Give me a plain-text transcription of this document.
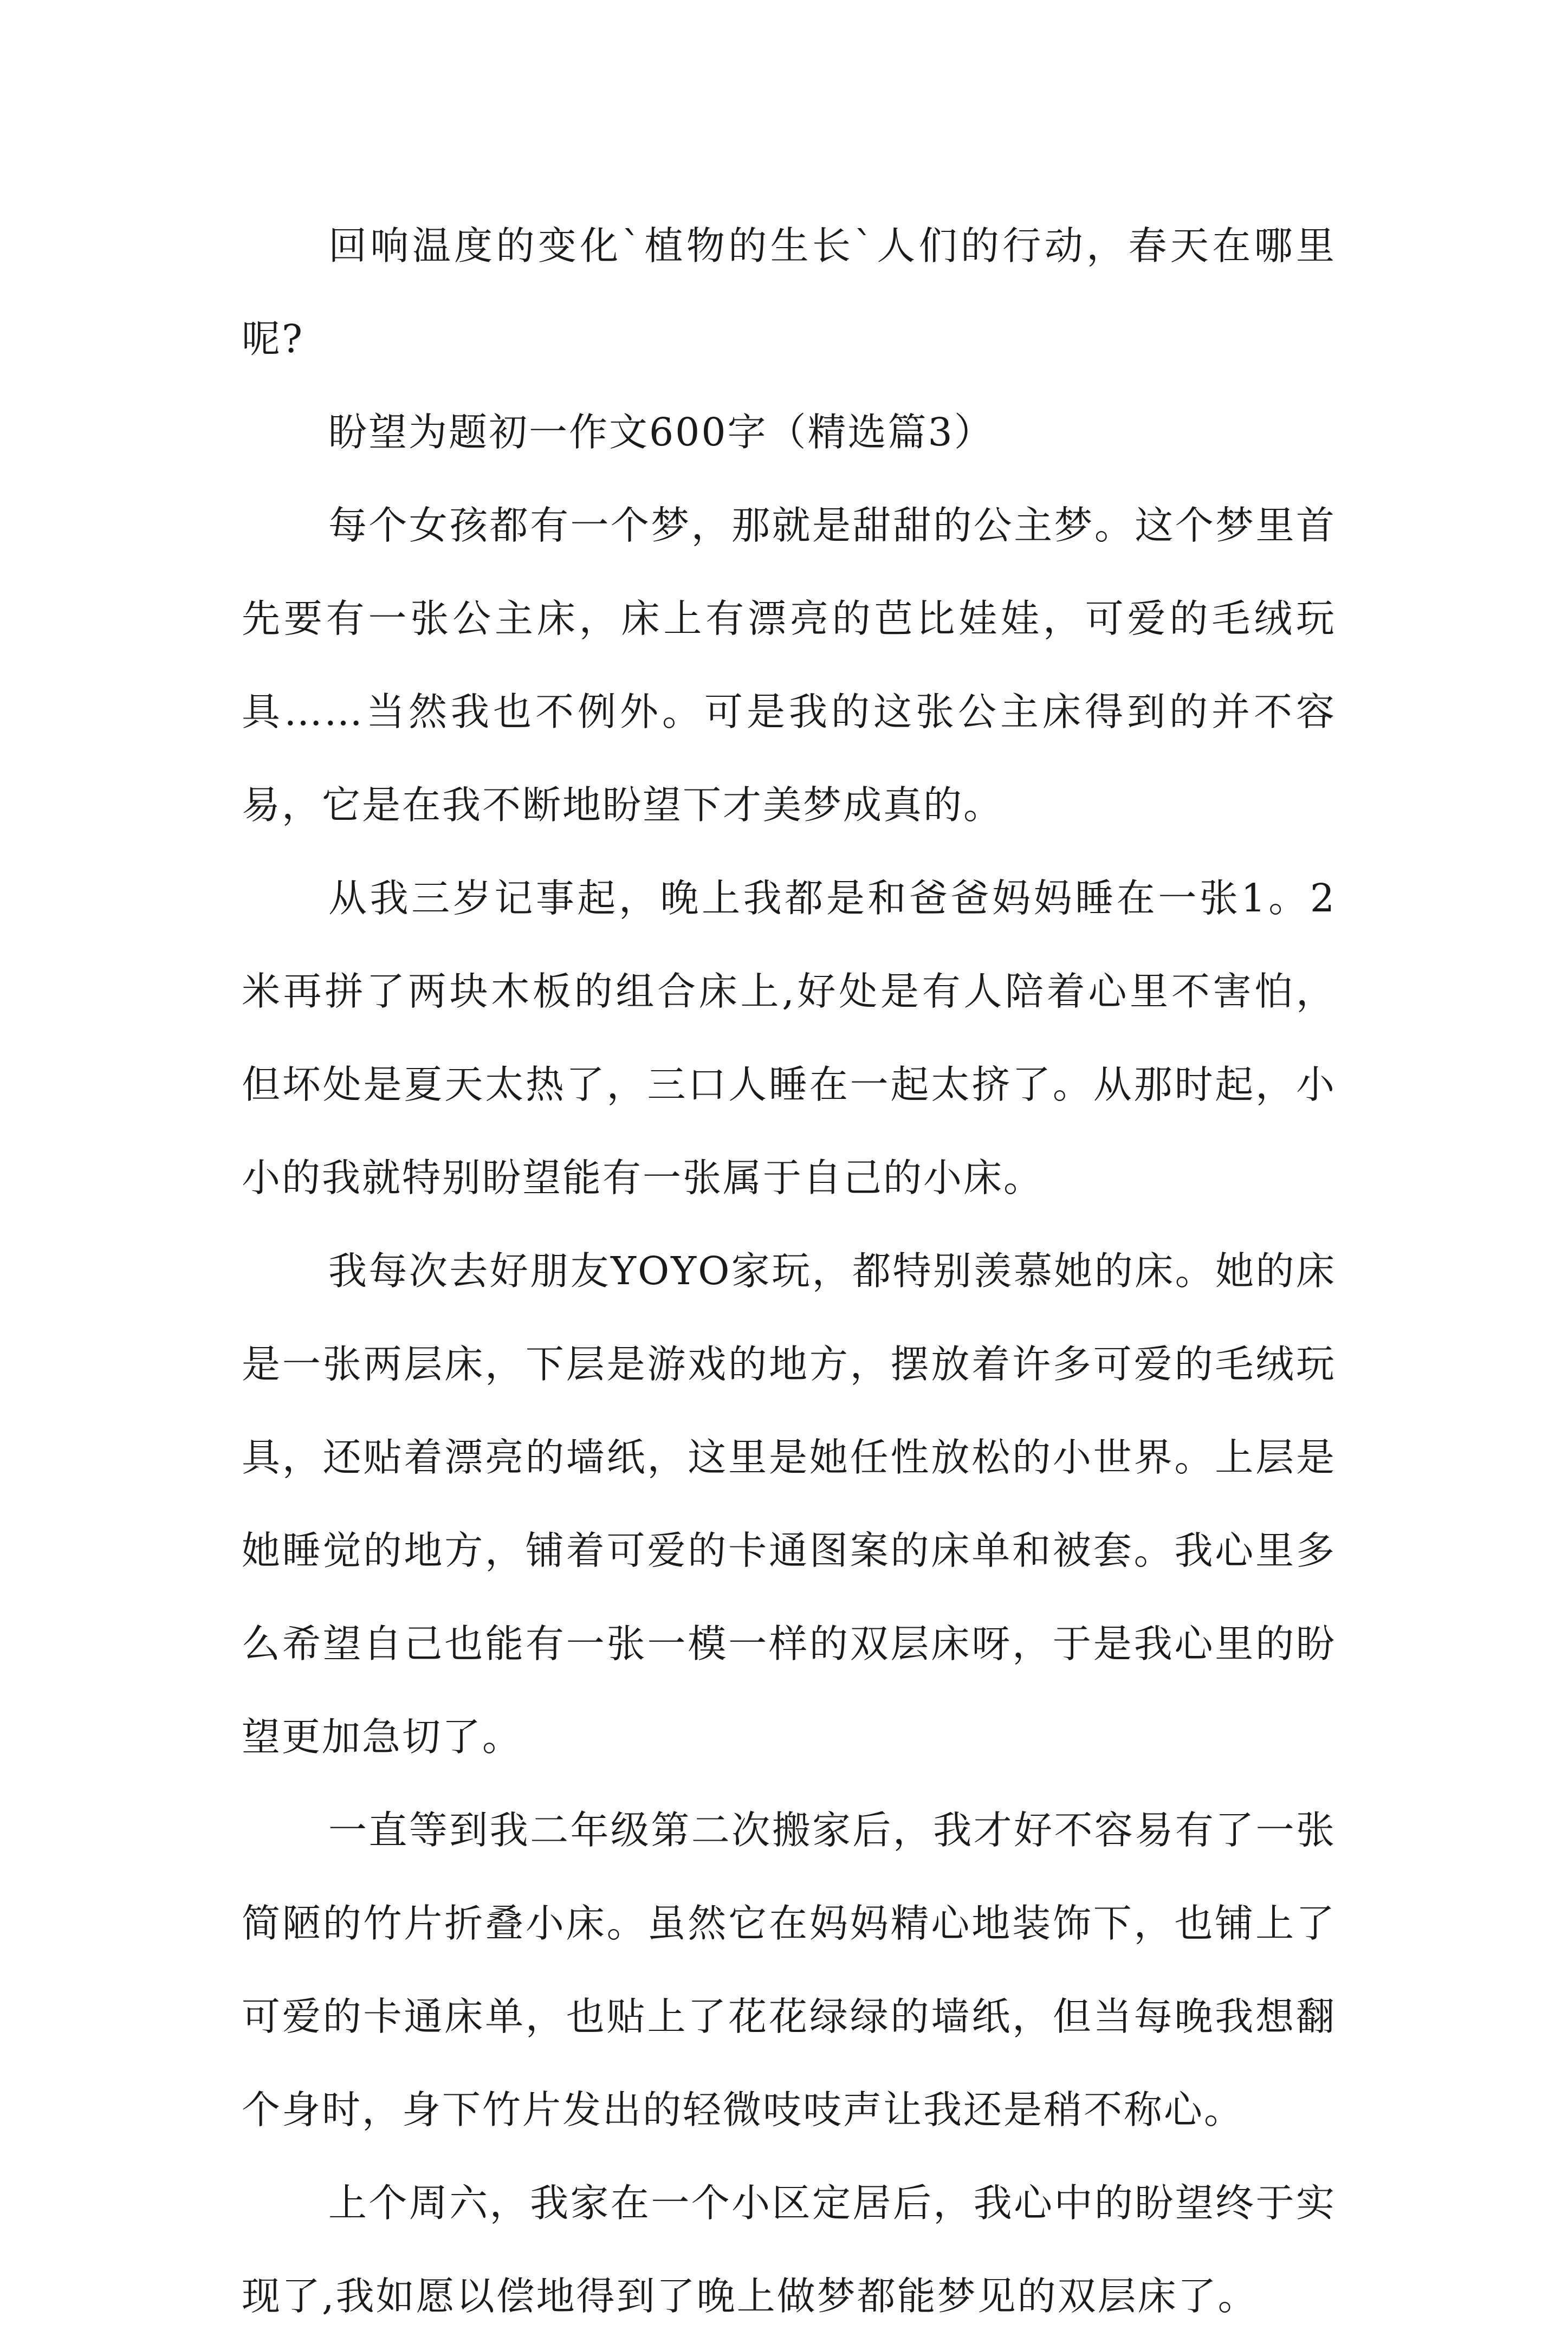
回响温度的变化`植物的生长`人们的行动，春天在哪里呢?

盼望为题初一作文600字（精选篇3）

每个女孩都有一个梦，那就是甜甜的公主梦。这个梦里首先要有一张公主床，床上有漂亮的芭比娃娃，可爱的毛绒玩具……当然我也不例外。可是我的这张公主床得到的并不容易，它是在我不断地盼望下才美梦成真的。

从我三岁记事起，晚上我都是和爸爸妈妈睡在一张1。2米再拼了两块木板的组合床上,好处是有人陪着心里不害怕，但坏处是夏天太热了，三口人睡在一起太挤了。从那时起，小小的我就特别盼望能有一张属于自己的小床。

我每次去好朋友YOYO家玩，都特别羡慕她的床。她的床是一张两层床，下层是游戏的地方，摆放着许多可爱的毛绒玩具，还贴着漂亮的墙纸，这里是她任性放松的小世界。上层是她睡觉的地方，铺着可爱的卡通图案的床单和被套。我心里多么希望自己也能有一张一模一样的双层床呀，于是我心里的盼望更加急切了。

一直等到我二年级第二次搬家后，我才好不容易有了一张简陋的竹片折叠小床。虽然它在妈妈精心地装饰下，也铺上了可爱的卡通床单，也贴上了花花绿绿的墙纸，但当每晚我想翻个身时，身下竹片发出的轻微吱吱声让我还是稍不称心。

上个周六，我家在一个小区定居后，我心中的盼望终于实现了,我如愿以偿地得到了晚上做梦都能梦见的双层床了。
